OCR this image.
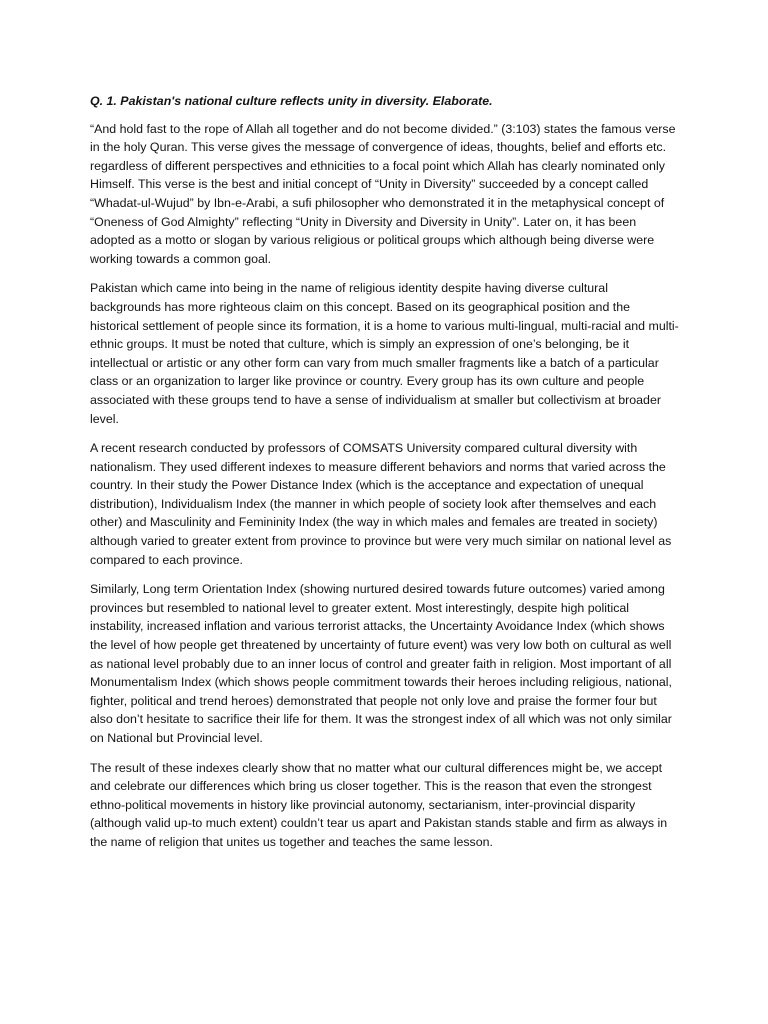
Q. 1. Pakistan's national culture reflects unity in diversity. Elaborate.

“And hold fast to the rope of Allah all together and do not become divided.” (3:103) states the famous verse in the holy Quran. This verse gives the message of convergence of ideas, thoughts, belief and efforts etc. regardless of different perspectives and ethnicities to a focal point which Allah has clearly nominated only Himself. This verse is the best and initial concept of “Unity in Diversity” succeeded by a concept called “Whadat-ul-Wujud” by Ibn-e-Arabi, a sufi philosopher who demonstrated it in the metaphysical concept of “Oneness of God Almighty” reflecting “Unity in Diversity and Diversity in Unity”. Later on, it has been adopted as a motto or slogan by various religious or political groups which although being diverse were working towards a common goal.

Pakistan which came into being in the name of religious identity despite having diverse cultural backgrounds has more righteous claim on this concept. Based on its geographical position and the historical settlement of people since its formation, it is a home to various multi-lingual, multi-racial and multi-ethnic groups. It must be noted that culture, which is simply an expression of one’s belonging, be it intellectual or artistic or any other form can vary from much smaller fragments like a batch of a particular class or an organization to larger like province or country. Every group has its own culture and people associated with these groups tend to have a sense of individualism at smaller but collectivism at broader level.

A recent research conducted by professors of COMSATS University compared cultural diversity with nationalism. They used different indexes to measure different behaviors and norms that varied across the country. In their study the Power Distance Index (which is the acceptance and expectation of unequal distribution), Individualism Index (the manner in which people of society look after themselves and each other) and Masculinity and Femininity Index (the way in which males and females are treated in society) although varied to greater extent from province to province but were very much similar on national level as compared to each province.

Similarly, Long term Orientation Index (showing nurtured desired towards future outcomes) varied among provinces but resembled to national level to greater extent. Most interestingly, despite high political instability, increased inflation and various terrorist attacks, the Uncertainty Avoidance Index (which shows the level of how people get threatened by uncertainty of future event) was very low both on cultural as well as national level probably due to an inner locus of control and greater faith in religion. Most important of all Monumentalism Index (which shows people commitment towards their heroes including religious, national, fighter, political and trend heroes) demonstrated that people not only love and praise the former four but also don’t hesitate to sacrifice their life for them. It was the strongest index of all which was not only similar on National but Provincial level.

The result of these indexes clearly show that no matter what our cultural differences might be, we accept and celebrate our differences which bring us closer together. This is the reason that even the strongest ethno-political movements in history like provincial autonomy, sectarianism, inter-provincial disparity (although valid up-to much extent) couldn’t tear us apart and Pakistan stands stable and firm as always in the name of religion that unites us together and teaches the same lesson.
